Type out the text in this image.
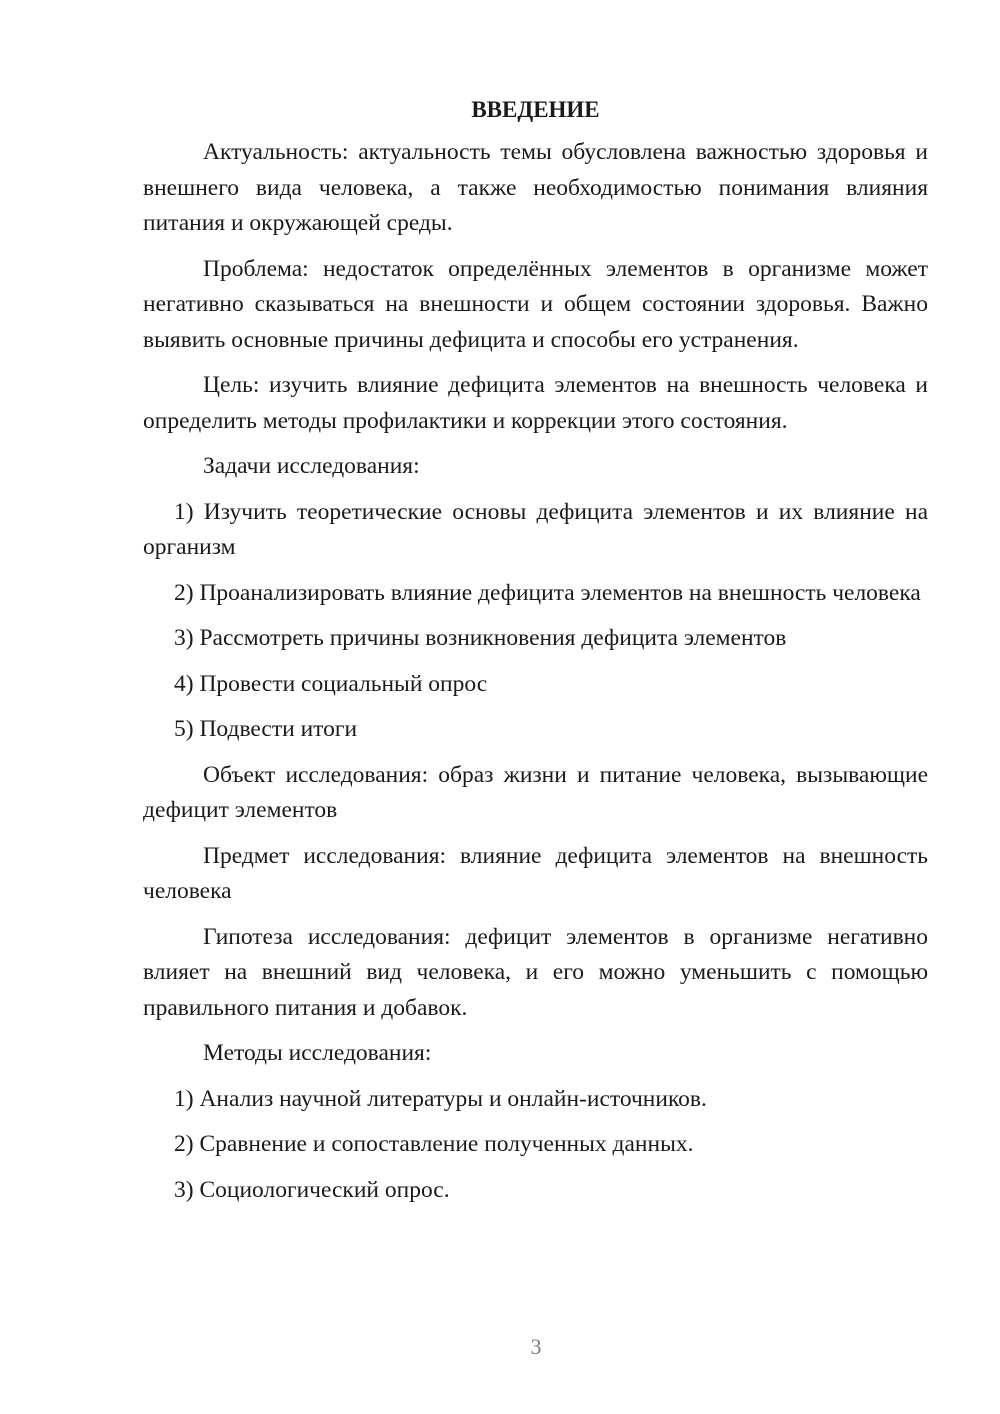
ВВЕДЕНИЕ
Актуальность: актуальность темы обусловлена важностью здоровья и внешнего вида человека, а также необходимостью понимания влияния питания и окружающей среды.
Проблема: недостаток определённых элементов в организме может негативно сказываться на внешности и общем состоянии здоровья. Важно выявить основные причины дефицита и способы его устранения.
Цель: изучить влияние дефицита элементов на внешность человека и определить методы профилактики и коррекции этого состояния.
Задачи исследования:
1) Изучить теоретические основы дефицита элементов и их влияние на организм
2) Проанализировать влияние дефицита элементов на внешность человека
3) Рассмотреть причины возникновения дефицита элементов
4) Провести социальный опрос
5) Подвести итоги
Объект исследования: образ жизни и питание человека, вызывающие дефицит элементов
Предмет исследования: влияние дефицита элементов на внешность человека
Гипотеза исследования: дефицит элементов в организме негативно влияет на внешний вид человека, и его можно уменьшить с помощью правильного питания и добавок.
Методы исследования:
1) Анализ научной литературы и онлайн-источников.
2) Сравнение и сопоставление полученных данных.
3) Социологический опрос.
3
